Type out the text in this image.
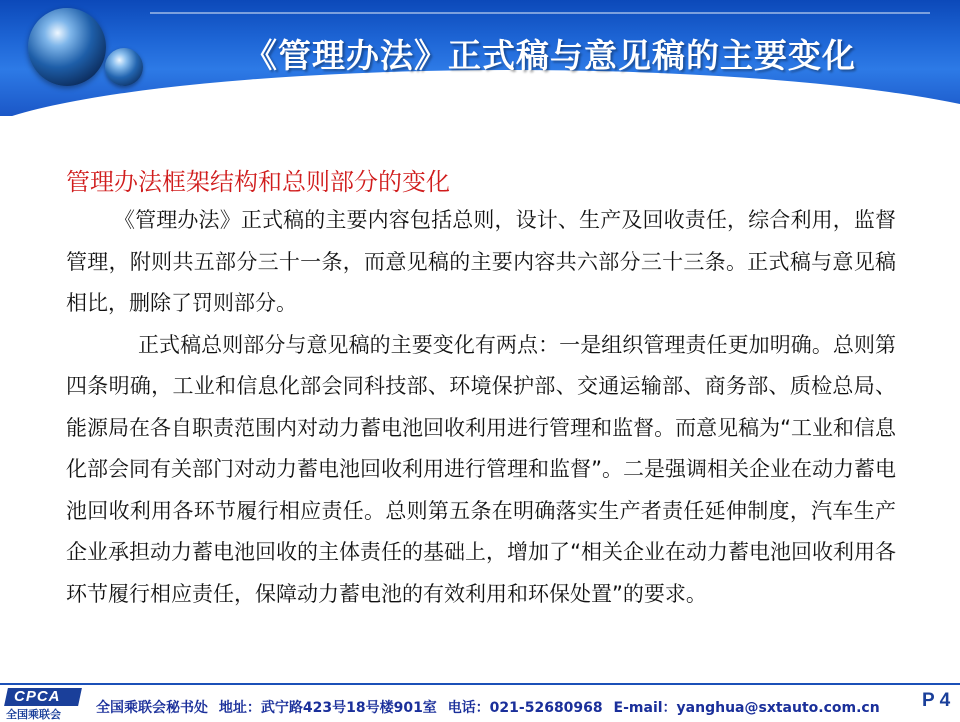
《管理办法》正式稿与意见稿的主要变化
管理办法框架结构和总则部分的变化

《管理办法》正式稿的主要内容包括总则，设计、生产及回收责任，综合利用，监督管理，附则共五部分三十一条，而意见稿的主要内容共六部分三十三条。正式稿与意见稿相比，删除了罚则部分。

正式稿总则部分与意见稿的主要变化有两点：一是组织管理责任更加明确。总则第四条明确，工业和信息化部会同科技部、环境保护部、交通运输部、商务部、质检总局、能源局在各自职责范围内对动力蓄电池回收利用进行管理和监督。而意见稿为“工业和信息化部会同有关部门对动力蓄电池回收利用进行管理和监督”。二是强调相关企业在动力蓄电池回收利用各环节履行相应责任。总则第五条在明确落实生产者责任延伸制度，汽车生产企业承担动力蓄电池回收的主体责任的基础上，增加了“相关企业在动力蓄电池回收利用各环节履行相应责任，保障动力蓄电池的有效利用和环保处置”的要求。

CPCA
全国乘联会	全国乘联会秘书处 地址：武宁路423号18号楼901室 电话：021-52680968 E-mail：yanghua@sxtauto.com.cn	P 4
